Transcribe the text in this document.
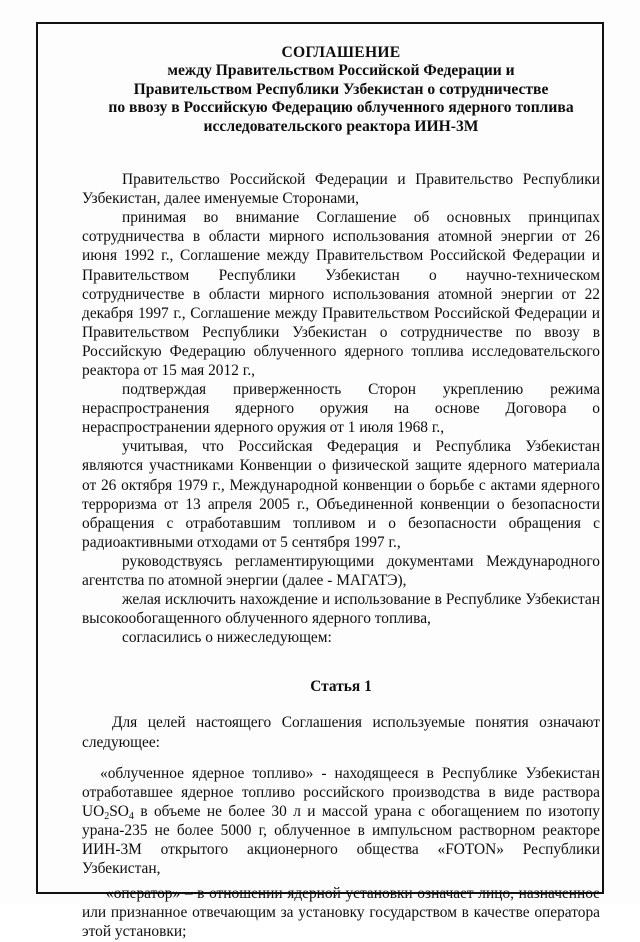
СОГЛАШЕНИЕ
между Правительством Российской Федерации и
Правительством Республики Узбекистан о сотрудничестве
по ввозу в Российскую Федерацию облученного ядерного топлива
исследовательского реактора ИИН-3М

Правительство Российской Федерации и Правительство Республики Узбекистан, далее именуемые Сторонами,

принимая во внимание Соглашение об основных принципах сотрудничества в области мирного использования атомной энергии от 26 июня 1992 г., Соглашение между Правительством Российской Федерации и Правительством Республики Узбекистан о научно-техническом сотрудничестве в области мирного использования атомной энергии от 22 декабря 1997 г., Соглашение между Правительством Российской Федерации и Правительством Республики Узбекистан о сотрудничестве по ввозу в Российскую Федерацию облученного ядерного топлива исследовательского реактора от 15 мая 2012 г.,

подтверждая приверженность Сторон укреплению режима нераспространения ядерного оружия на основе Договора о нераспространении ядерного оружия от 1 июля 1968 г.,

учитывая, что Российская Федерация и Республика Узбекистан являются участниками Конвенции о физической защите ядерного материала от 26 октября 1979 г., Международной конвенции о борьбе с актами ядерного терроризма от 13 апреля 2005 г., Объединенной конвенции о безопасности обращения с отработавшим топливом и о безопасности обращения с радиоактивными отходами от 5 сентября 1997 г.,

руководствуясь регламентирующими документами Международного агентства по атомной энергии (далее - МАГАТЭ),

желая исключить нахождение и использование в Республике Узбекистан высокообогащенного облученного ядерного топлива,

согласились о нижеследующем:

Статья 1

Для целей настоящего Соглашения используемые понятия означают следующее:

«облученное ядерное топливо» - находящееся в Республике Узбекистан отработавшее ядерное топливо российского производства в виде раствора $UO_2SO_4$ в объеме не более 30 л и массой урана с обогащением по изотопу урана-235 не более 5000 г, облученное в импульсном растворном реакторе ИИН-3М открытого акционерного общества «FOTON» Республики Узбекистан,

«оператор» – в отношении ядерной установки означает лицо, назначенное или признанное отвечающим за установку государством в качестве оператора этой установки;
